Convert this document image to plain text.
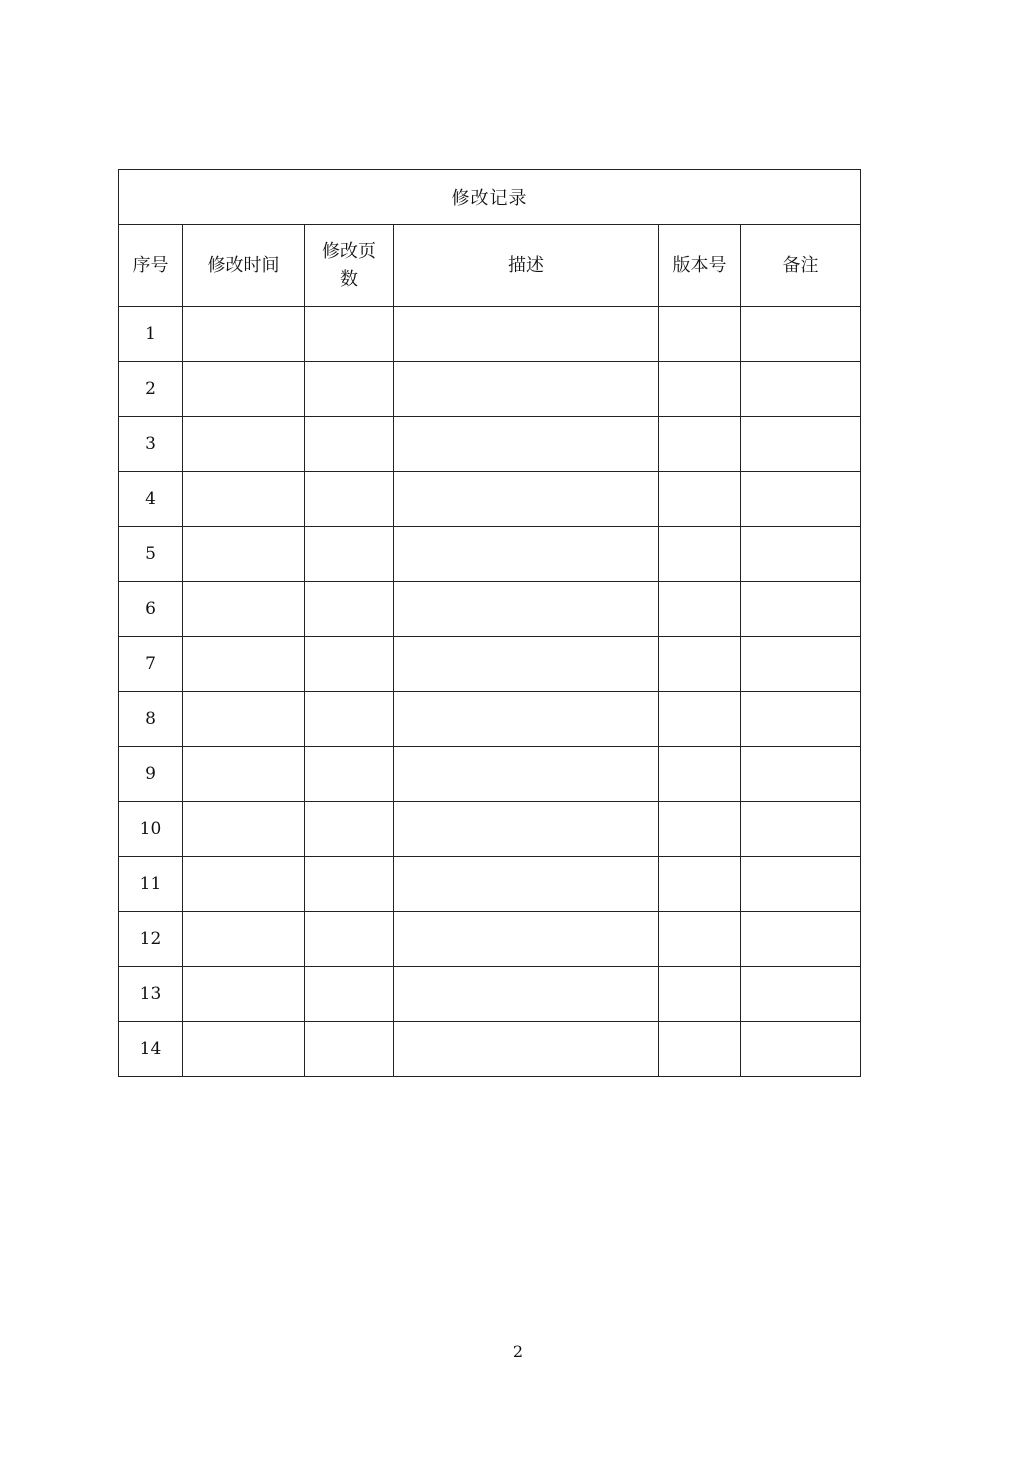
修改记录					
序号	修改时间	修改页数	描述	版本号	备注
1					
2					
3					
4					
5					
6					
7					
8					
9					
10					
11					
12					
13					
14					
2
